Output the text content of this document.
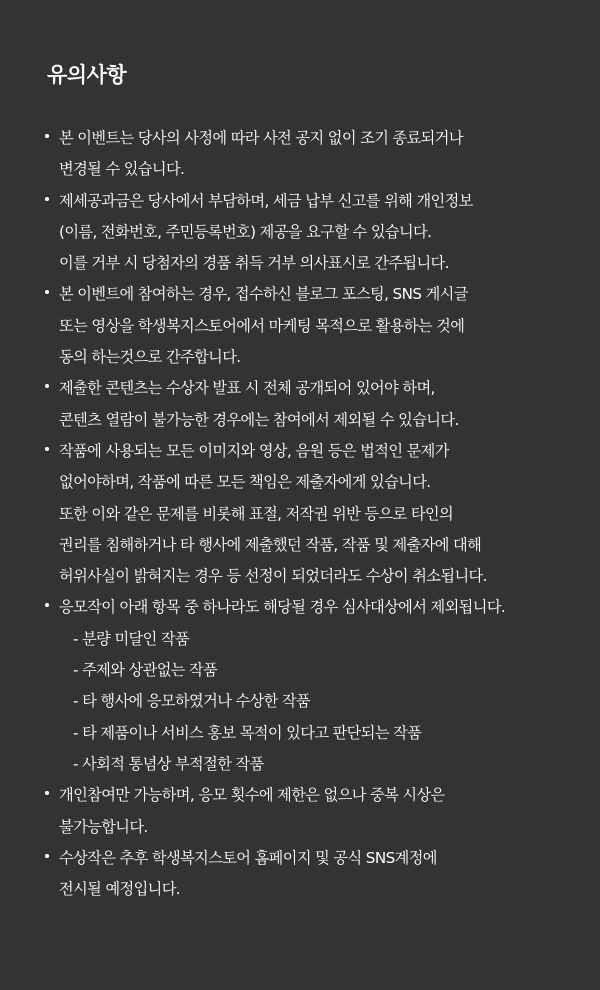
유의사항
본 이벤트는 당사의 사정에 따라 사전 공지 없이 조기 종료되거나
변경될 수 있습니다.
제세공과금은 당사에서 부담하며, 세금 납부 신고를 위해 개인정보
(이름, 전화번호, 주민등록번호) 제공을 요구할 수 있습니다.
이를 거부 시 당첨자의 경품 취득 거부 의사표시로 간주됩니다.
본 이벤트에 참여하는 경우, 접수하신 블로그 포스팅, SNS 게시글
또는 영상을 학생복지스토어에서 마케팅 목적으로 활용하는 것에
동의 하는것으로 간주합니다.
제출한 콘텐츠는 수상자 발표 시 전체 공개되어 있어야 하며,
콘텐츠 열람이 불가능한 경우에는 참여에서 제외될 수 있습니다.
작품에 사용되는 모든 이미지와 영상, 음원 등은 법적인 문제가
없어야하며, 작품에 따른 모든 책임은 제출자에게 있습니다.
또한 이와 같은 문제를 비롯해 표절, 저작권 위반 등으로 타인의
권리를 침해하거나 타 행사에 제출했던 작품, 작품 및 제출자에 대해
허위사실이 밝혀지는 경우 등 선정이 되었더라도 수상이 취소됩니다.
응모작이 아래 항목 중 하나라도 해당될 경우 심사대상에서 제외됩니다.
- 분량 미달인 작품
- 주제와 상관없는 작품
- 타 행사에 응모하였거나 수상한 작품
- 타 제품이나 서비스 홍보 목적이 있다고 판단되는 작품
- 사회적 통념상 부적절한 작품
개인참여만 가능하며, 응모 횟수에 제한은 없으나 중복 시상은
불가능합니다.
수상작은 추후 학생복지스토어 홈페이지 및 공식 SNS계정에
전시될 예정입니다.
